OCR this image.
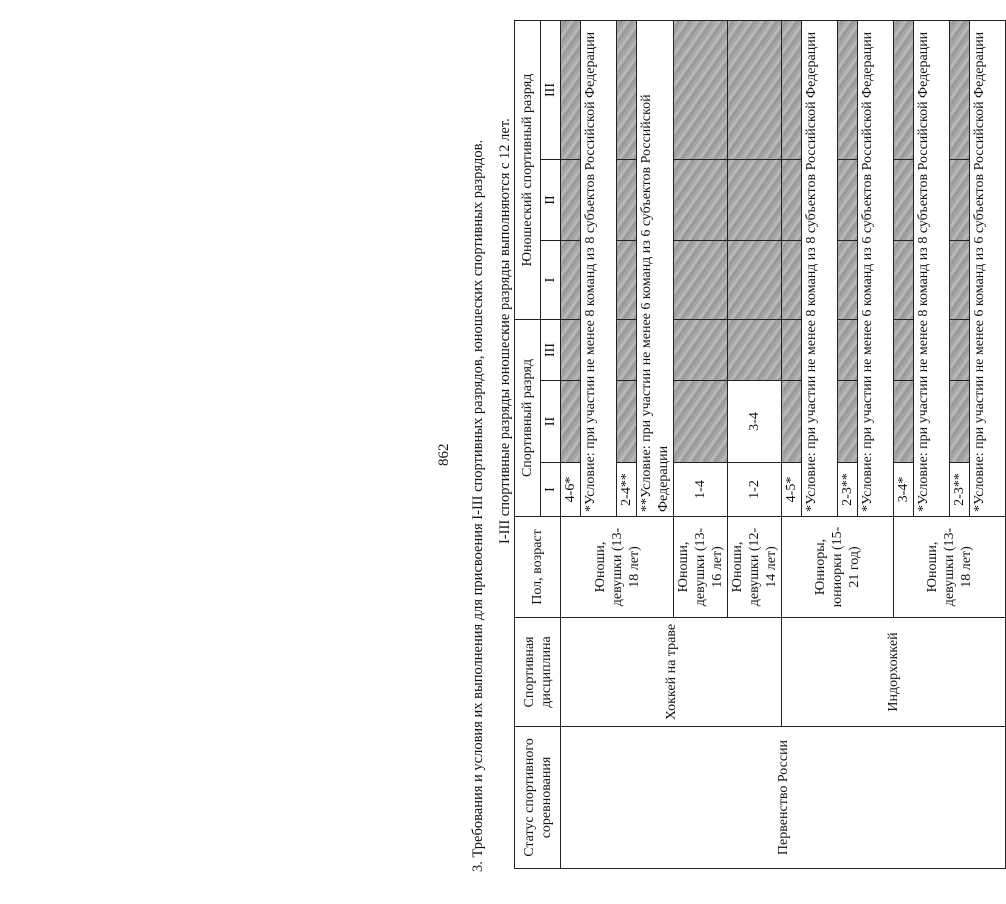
862 3. Требования и условия их выполнения для присвоения I-III спортивных разрядов, юношеских спортивных разрядов. I-III спортивные разряды юношеские разряды выполняются с 12 лет.
Статус спортивного соревнования	Спортивная дисциплина	Пол, возраст	Спортивный разряд			Юношеский спортивный разряд		
			I	II	III	I	II	III
Первенство России	Хоккей на траве	Юноши, девушки (13-18 лет)	4-6*					
			*Условие: при участии не менее 8 команд из 8 субъектов Российской Федерации					
			2-4**					
			**Условие: при участии не менее 6 команд из 6 субъектов Российской Федерации					
		Юноши, девушки (13-16 лет)	1-4					
		Юноши, девушки (12-14 лет)	1-2	3-4				
	Индорхоккей	Юниоры, юниорки (15-21 год)	4-5*					
			*Условие: при участии не менее 8 команд из 8 субъектов Российской Федерации					
			2-3**					
			*Условие: при участии не менее 6 команд из 6 субъектов Российской Федерации					
		Юноши, девушки (13-18 лет)	3-4*					
			*Условие: при участии не менее 8 команд из 8 субъектов Российской Федерации					
			2-3**					
			*Условие: при участии не менее 6 команд из 6 субъектов Российской Федерации					
